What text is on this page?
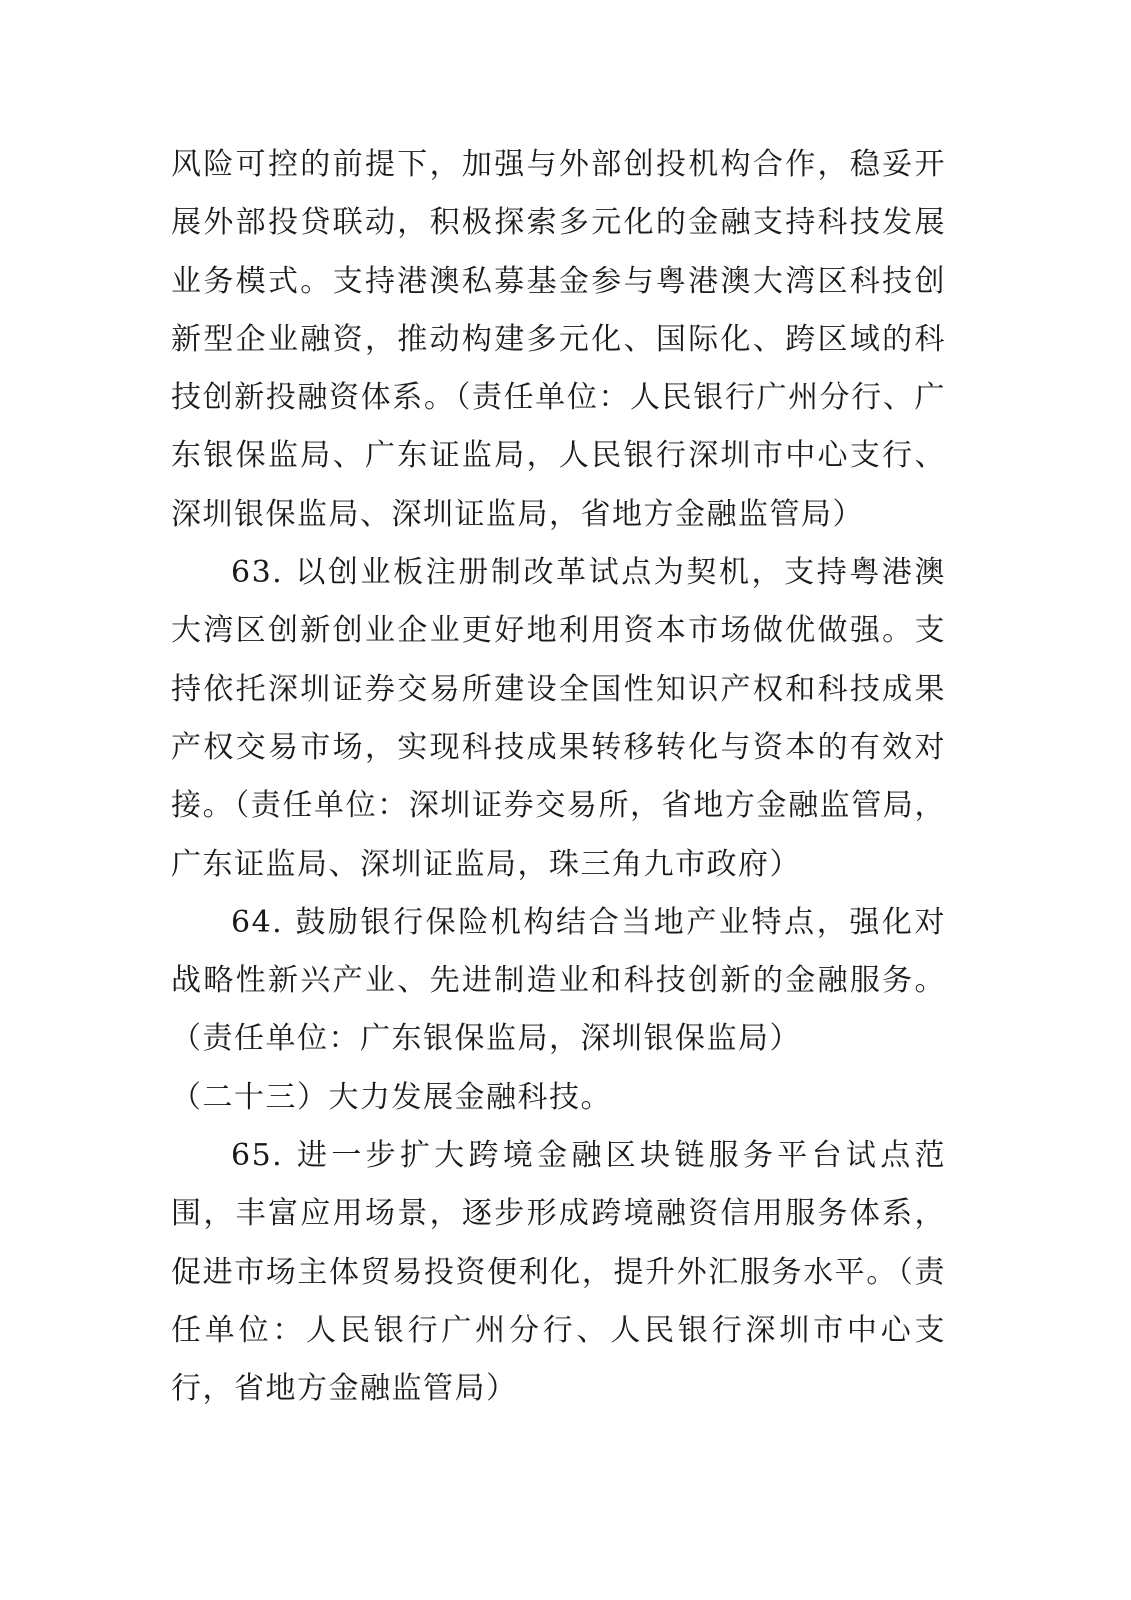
风险可控的前提下，加强与外部创投机构合作，稳妥开展外部投贷联动，积极探索多元化的金融支持科技发展业务模式。支持港澳私募基金参与粤港澳大湾区科技创新型企业融资，推动构建多元化、国际化、跨区域的科技创新投融资体系。（责任单位：人民银行广州分行、广东银保监局、广东证监局，人民银行深圳市中心支行、深圳银保监局、深圳证监局，省地方金融监管局）

63. 以创业板注册制改革试点为契机，支持粤港澳大湾区创新创业企业更好地利用资本市场做优做强。支持依托深圳证券交易所建设全国性知识产权和科技成果产权交易市场，实现科技成果转移转化与资本的有效对接。（责任单位：深圳证券交易所，省地方金融监管局，广东证监局、深圳证监局，珠三角九市政府）

64. 鼓励银行保险机构结合当地产业特点，强化对战略性新兴产业、先进制造业和科技创新的金融服务。（责任单位：广东银保监局，深圳银保监局）

（二十三）大力发展金融科技。

65. 进一步扩大跨境金融区块链服务平台试点范围，丰富应用场景，逐步形成跨境融资信用服务体系，促进市场主体贸易投资便利化，提升外汇服务水平。（责任单位：人民银行广州分行、人民银行深圳市中心支行，省地方金融监管局）
